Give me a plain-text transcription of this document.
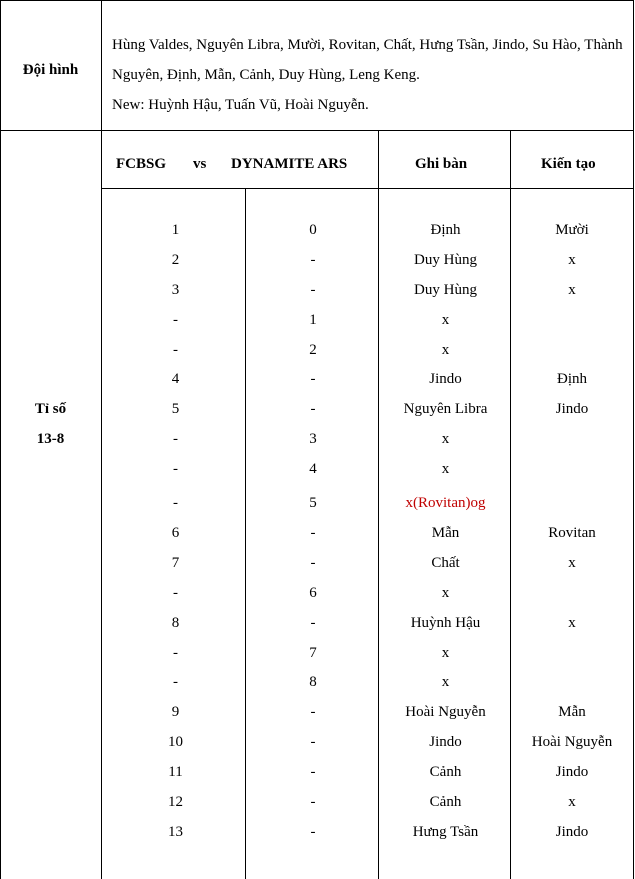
Đội hình
Hùng Valdes, Nguyên Libra, Mười, Rovitan, Chất, Hưng Tsần, Jindo, Su Hào, Thành Nguyên, Định, Mẫn, Cảnh, Duy Hùng, Leng Keng.
New: Huỳnh Hậu, Tuấn Vũ, Hoài Nguyễn.
Tỉ số
13-8
FCBSG vs DYNAMITE ARS	Ghi bàn	Kiến tạo
1	0	Định	Mười
2	-	Duy Hùng	x
3	-	Duy Hùng	x
-	1	x
-	2	x
4	-	Jindo	Định
5	-	Nguyên Libra	Jindo
-	3	x
-	4	x
-	5	x(Rovitan)og
6	-	Mẫn	Rovitan
7	-	Chất	x
-	6	x
8	-	Huỳnh Hậu	x
-	7	x
-	8	x
9	-	Hoài Nguyễn	Mẫn
10	-	Jindo	Hoài Nguyễn
11	-	Cảnh	Jindo
12	-	Cảnh	x
13	-	Hưng Tsần	Jindo
